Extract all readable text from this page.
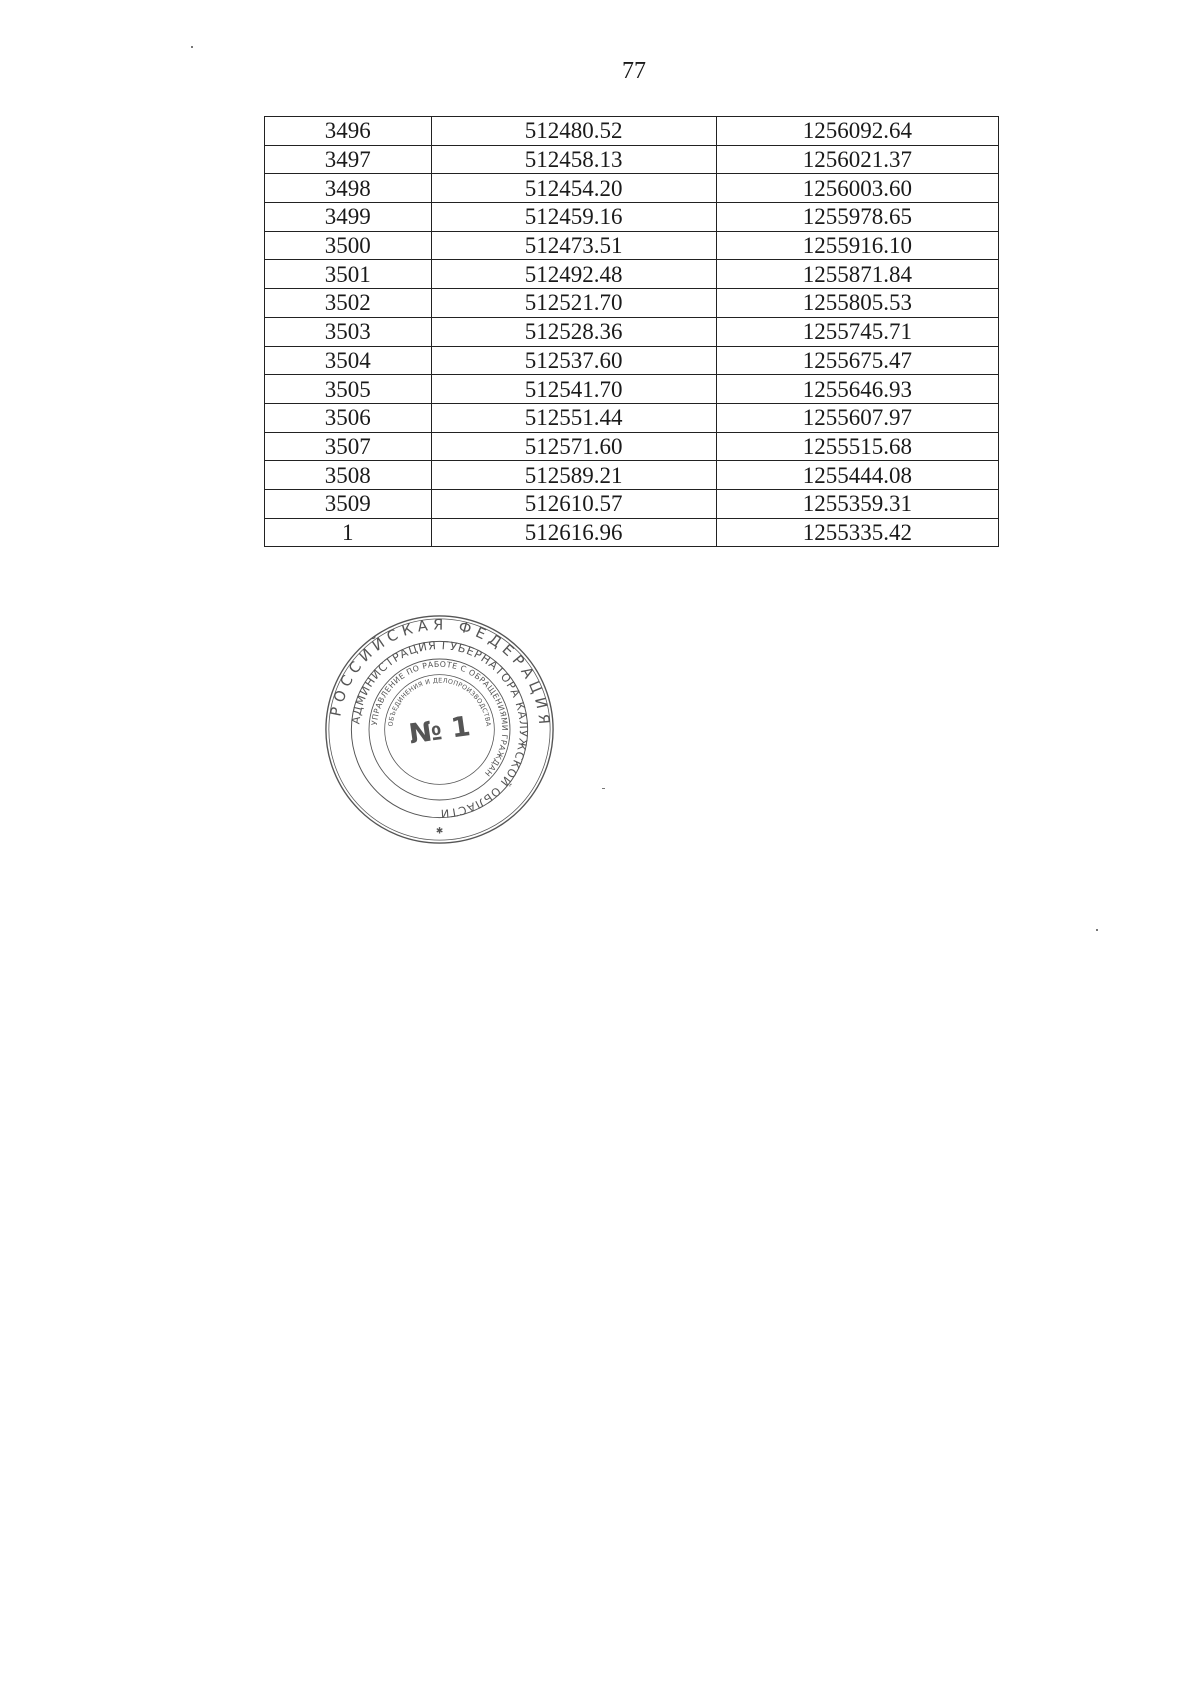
77
3496	512480.52	1256092.64
3497	512458.13	1256021.37
3498	512454.20	1256003.60
3499	512459.16	1255978.65
3500	512473.51	1255916.10
3501	512492.48	1255871.84
3502	512521.70	1255805.53
3503	512528.36	1255745.71
3504	512537.60	1255675.47
3505	512541.70	1255646.93
3506	512551.44	1255607.97
3507	512571.60	1255515.68
3508	512589.21	1255444.08
3509	512610.57	1255359.31
1	512616.96	1255335.42
РОССИЙСКАЯ ФЕДЕРАЦИЯ
АДМИНИСТРАЦИЯ ГУБЕРНАТОРА КАЛУЖСКОЙ ОБЛАСТИ
УПРАВЛЕНИЕ ПО РАБОТЕ С ОБРАЩЕНИЯМИ ГРАЖДАН
ОБЪЕДИНЕНИЯ И ДЕЛОПРОИЗВОДСТВА
№ 1
✱
